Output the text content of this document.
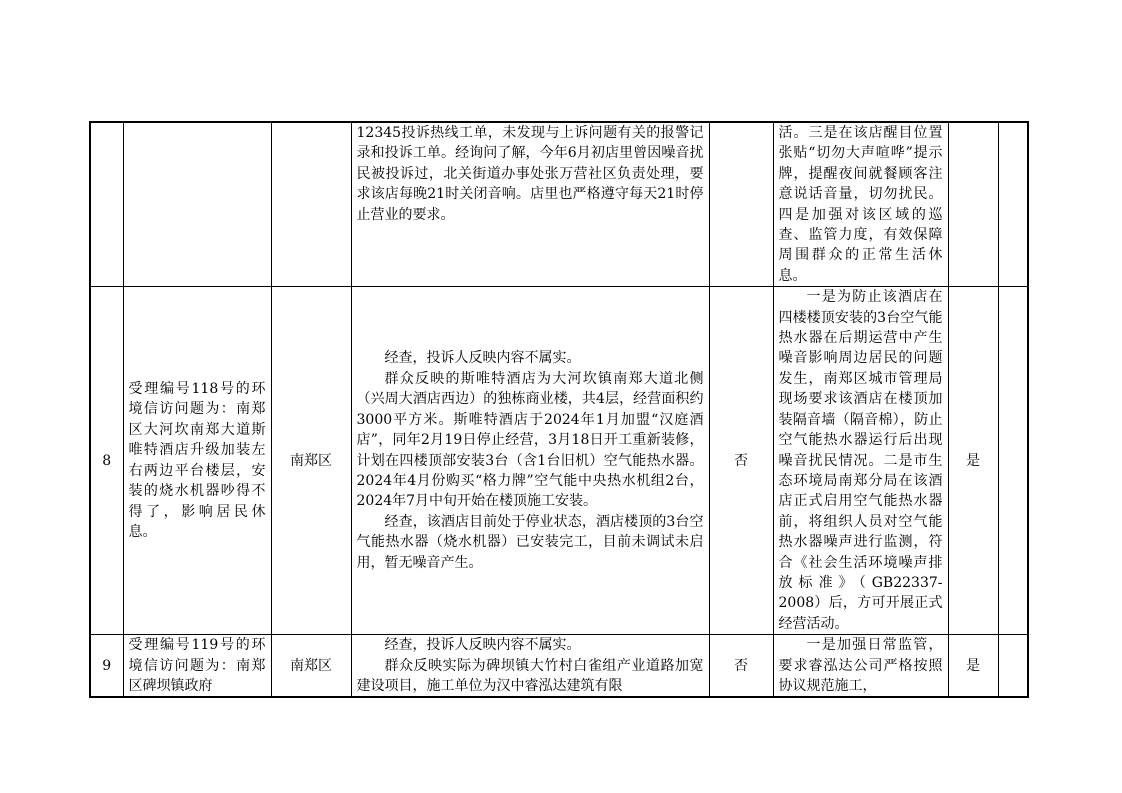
			12345投诉热线工单，未发现与上诉问题有关的报警记录和投诉工单。经询问了解，今年6月初店里曾因噪音扰民被投诉过，北关街道办事处张万营社区负责处理，要求该店每晚21时关闭音响。店里也严格遵守每天21时停止营业的要求。		活。三是在该店醒目位置张贴“切勿大声喧哗”提示牌，提醒夜间就餐顾客注意说话音量，切勿扰民。四是加强对该区域的巡查、监管力度，有效保障周围群众的正常生活休息。		

8	受理编号118号的环境信访问题为：南郑区大河坎南郑大道斯唯特酒店升级加装左右两边平台楼层，安装的烧水机器吵得不得了，影响居民休息。	南郑区	经查，投诉人反映内容不属实。
群众反映的斯唯特酒店为大河坎镇南郑大道北侧（兴周大酒店西边）的独栋商业楼，共4层，经营面积约3000平方米。斯唯特酒店于2024年1月加盟“汉庭酒店”，同年2月19日停止经营，3月18日开工重新装修，计划在四楼顶部安装3台（含1台旧机）空气能热水器。2024年4月份购买“格力牌”空气能中央热水机组2台，2024年7月中旬开始在楼顶施工安装。
经查，该酒店目前处于停业状态，酒店楼顶的3台空气能热水器（烧水机器）已安装完工，目前未调试未启用，暂无噪音产生。	否	一是为防止该酒店在四楼楼顶安装的3台空气能热水器在后期运营中产生噪音影响周边居民的问题发生，南郑区城市管理局现场要求该酒店在楼顶加装隔音墙（隔音棉），防止空气能热水器运行后出现噪音扰民情况。二是市生态环境局南郑分局在该酒店正式启用空气能热水器前，将组织人员对空气能热水器噪声进行监测，符合《社会生活环境噪声排放标准》（GB22337-2008）后，方可开展正式经营活动。	是	
9	受理编号119号的环境信访问题为：南郑区碑坝镇政府	南郑区	经查，投诉人反映内容不属实。
群众反映实际为碑坝镇大竹村白雀组产业道路加宽建设项目，施工单位为汉中睿泓达建筑有限	否	一是加强日常监管，要求睿泓达公司严格按照协议规范施工，	是	
